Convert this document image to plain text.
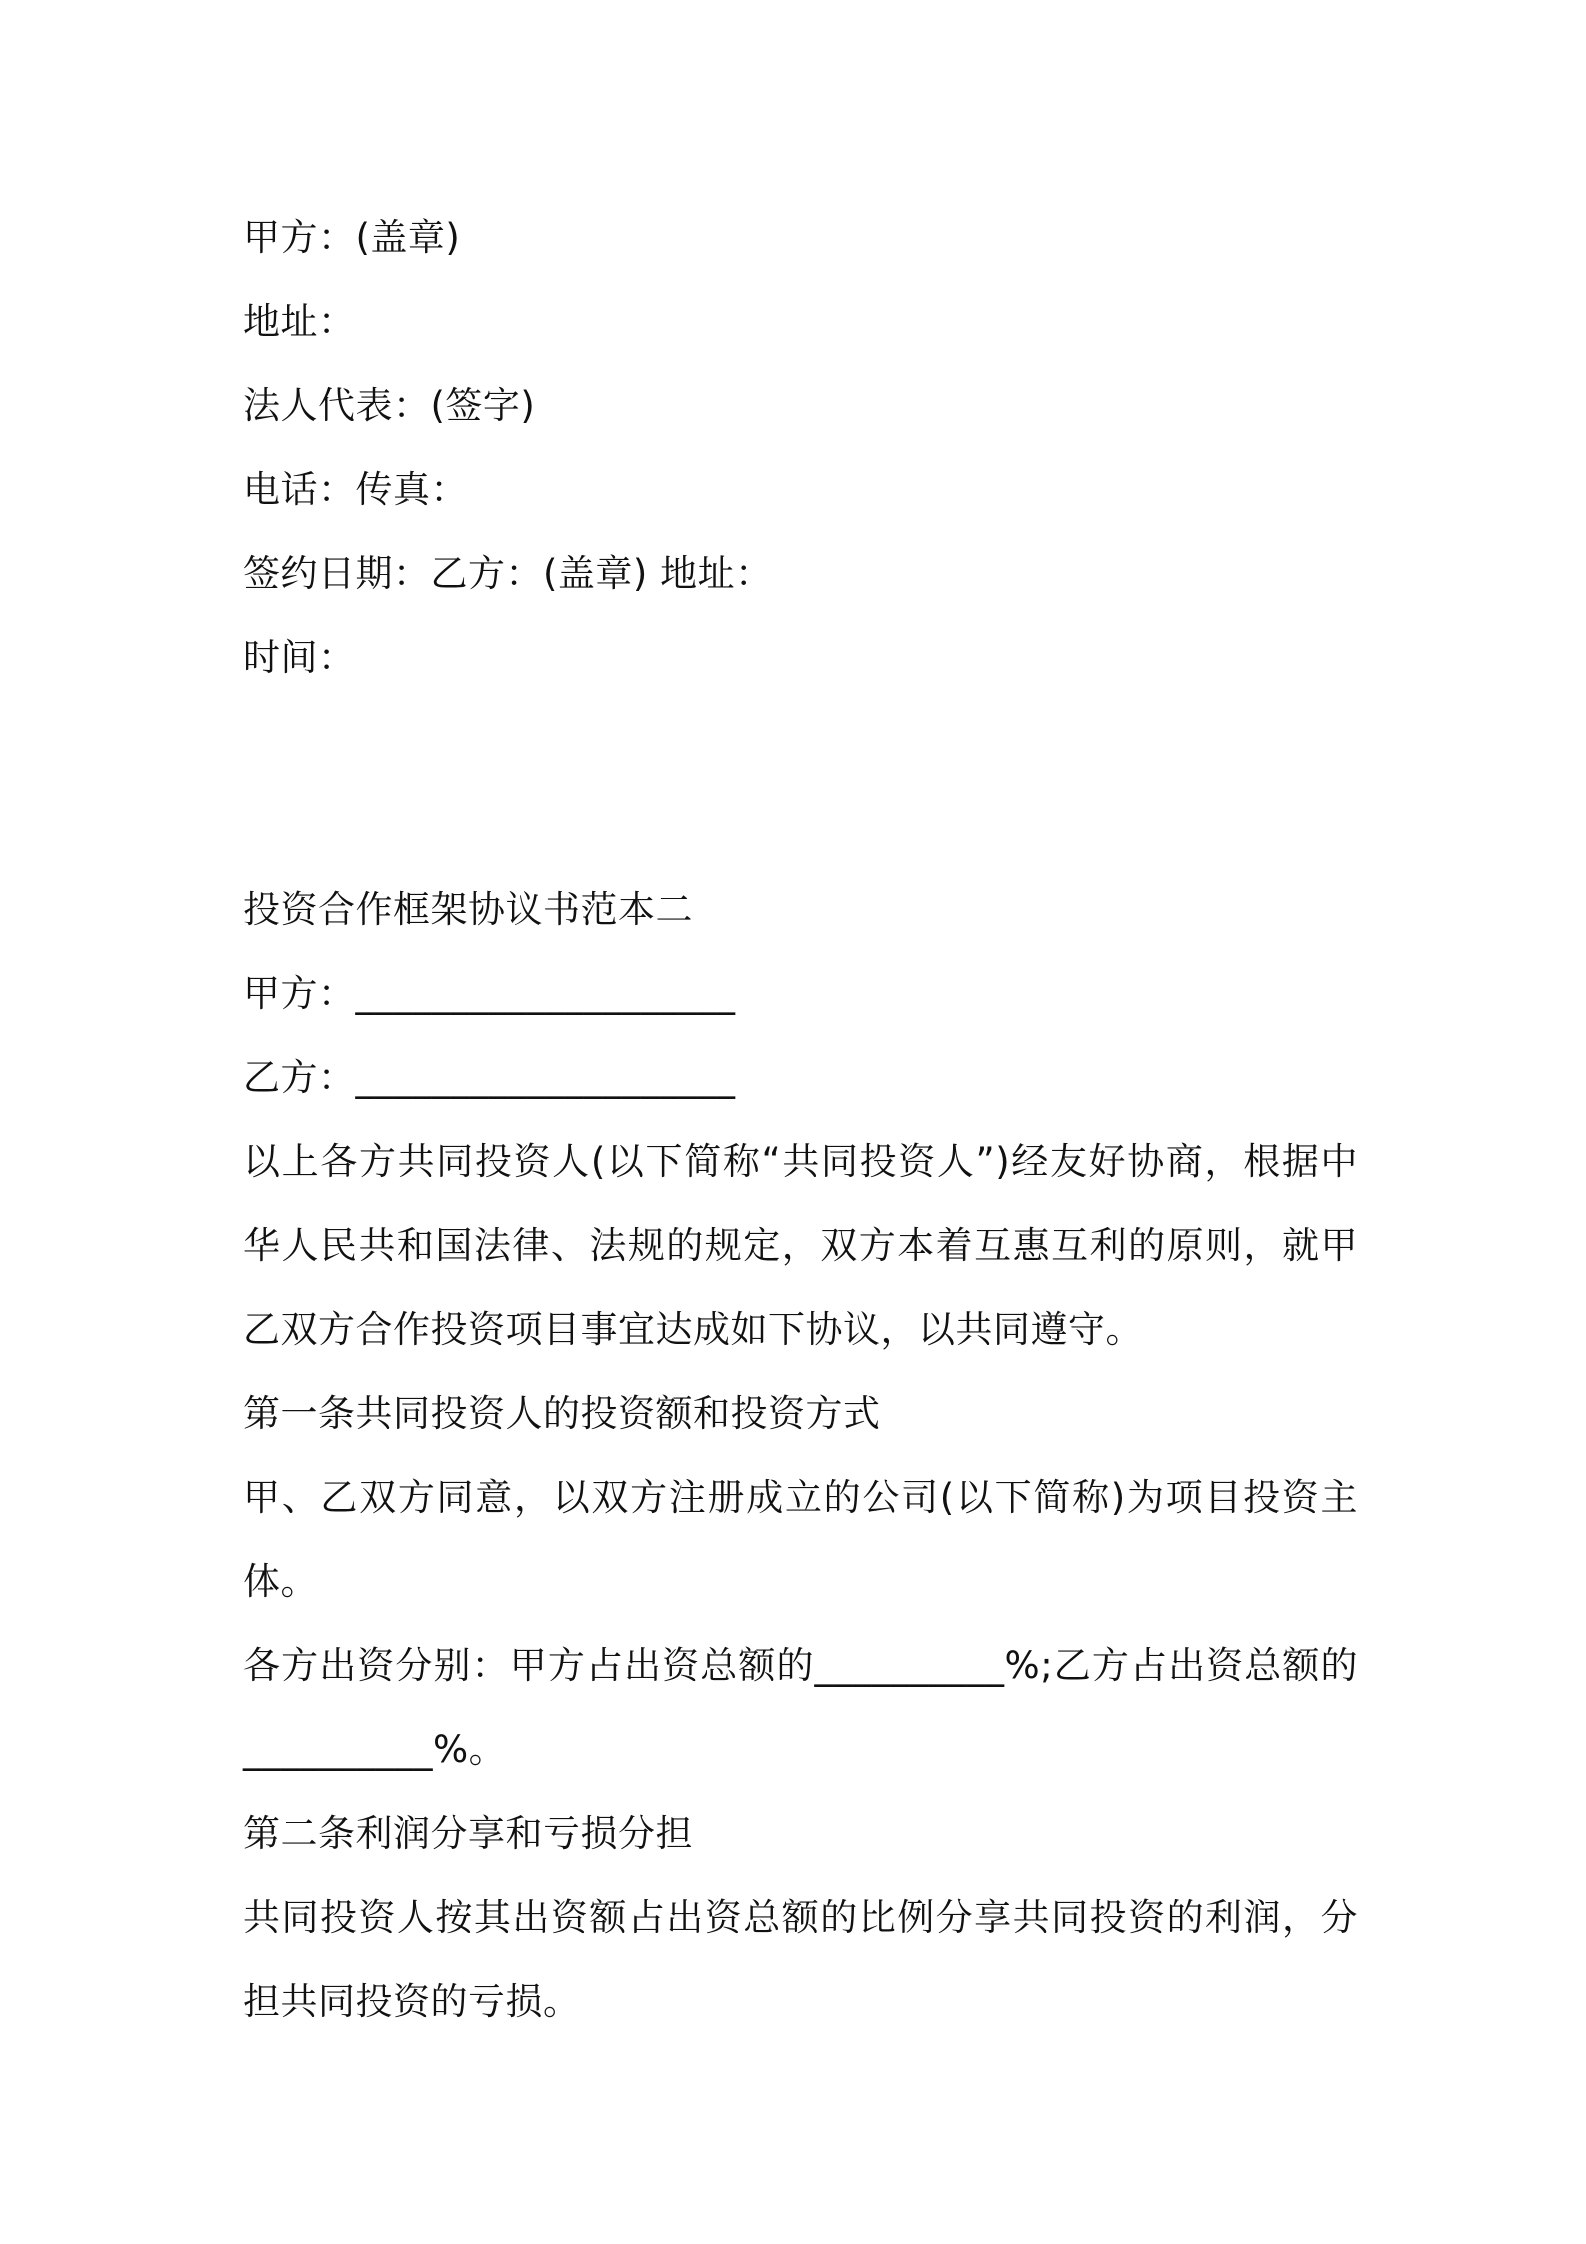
甲方：(盖章)
地址：
法人代表：(签字)
电话：传真：
签约日期：乙方：(盖章) 地址：
时间：
投资合作框架协议书范本二
甲方：____________________
乙方：____________________
以上各方共同投资人(以下简称“共同投资人”)经友好协商，根据中华人民共和国法律、法规的规定，双方本着互惠互利的原则，就甲乙双方合作投资项目事宜达成如下协议，以共同遵守。
第一条共同投资人的投资额和投资方式
甲、乙双方同意，以双方注册成立的公司(以下简称)为项目投资主体。
各方出资分别：甲方占出资总额的__________%;乙方占出资总额的__________%。
第二条利润分享和亏损分担
共同投资人按其出资额占出资总额的比例分享共同投资的利润，分担共同投资的亏损。
